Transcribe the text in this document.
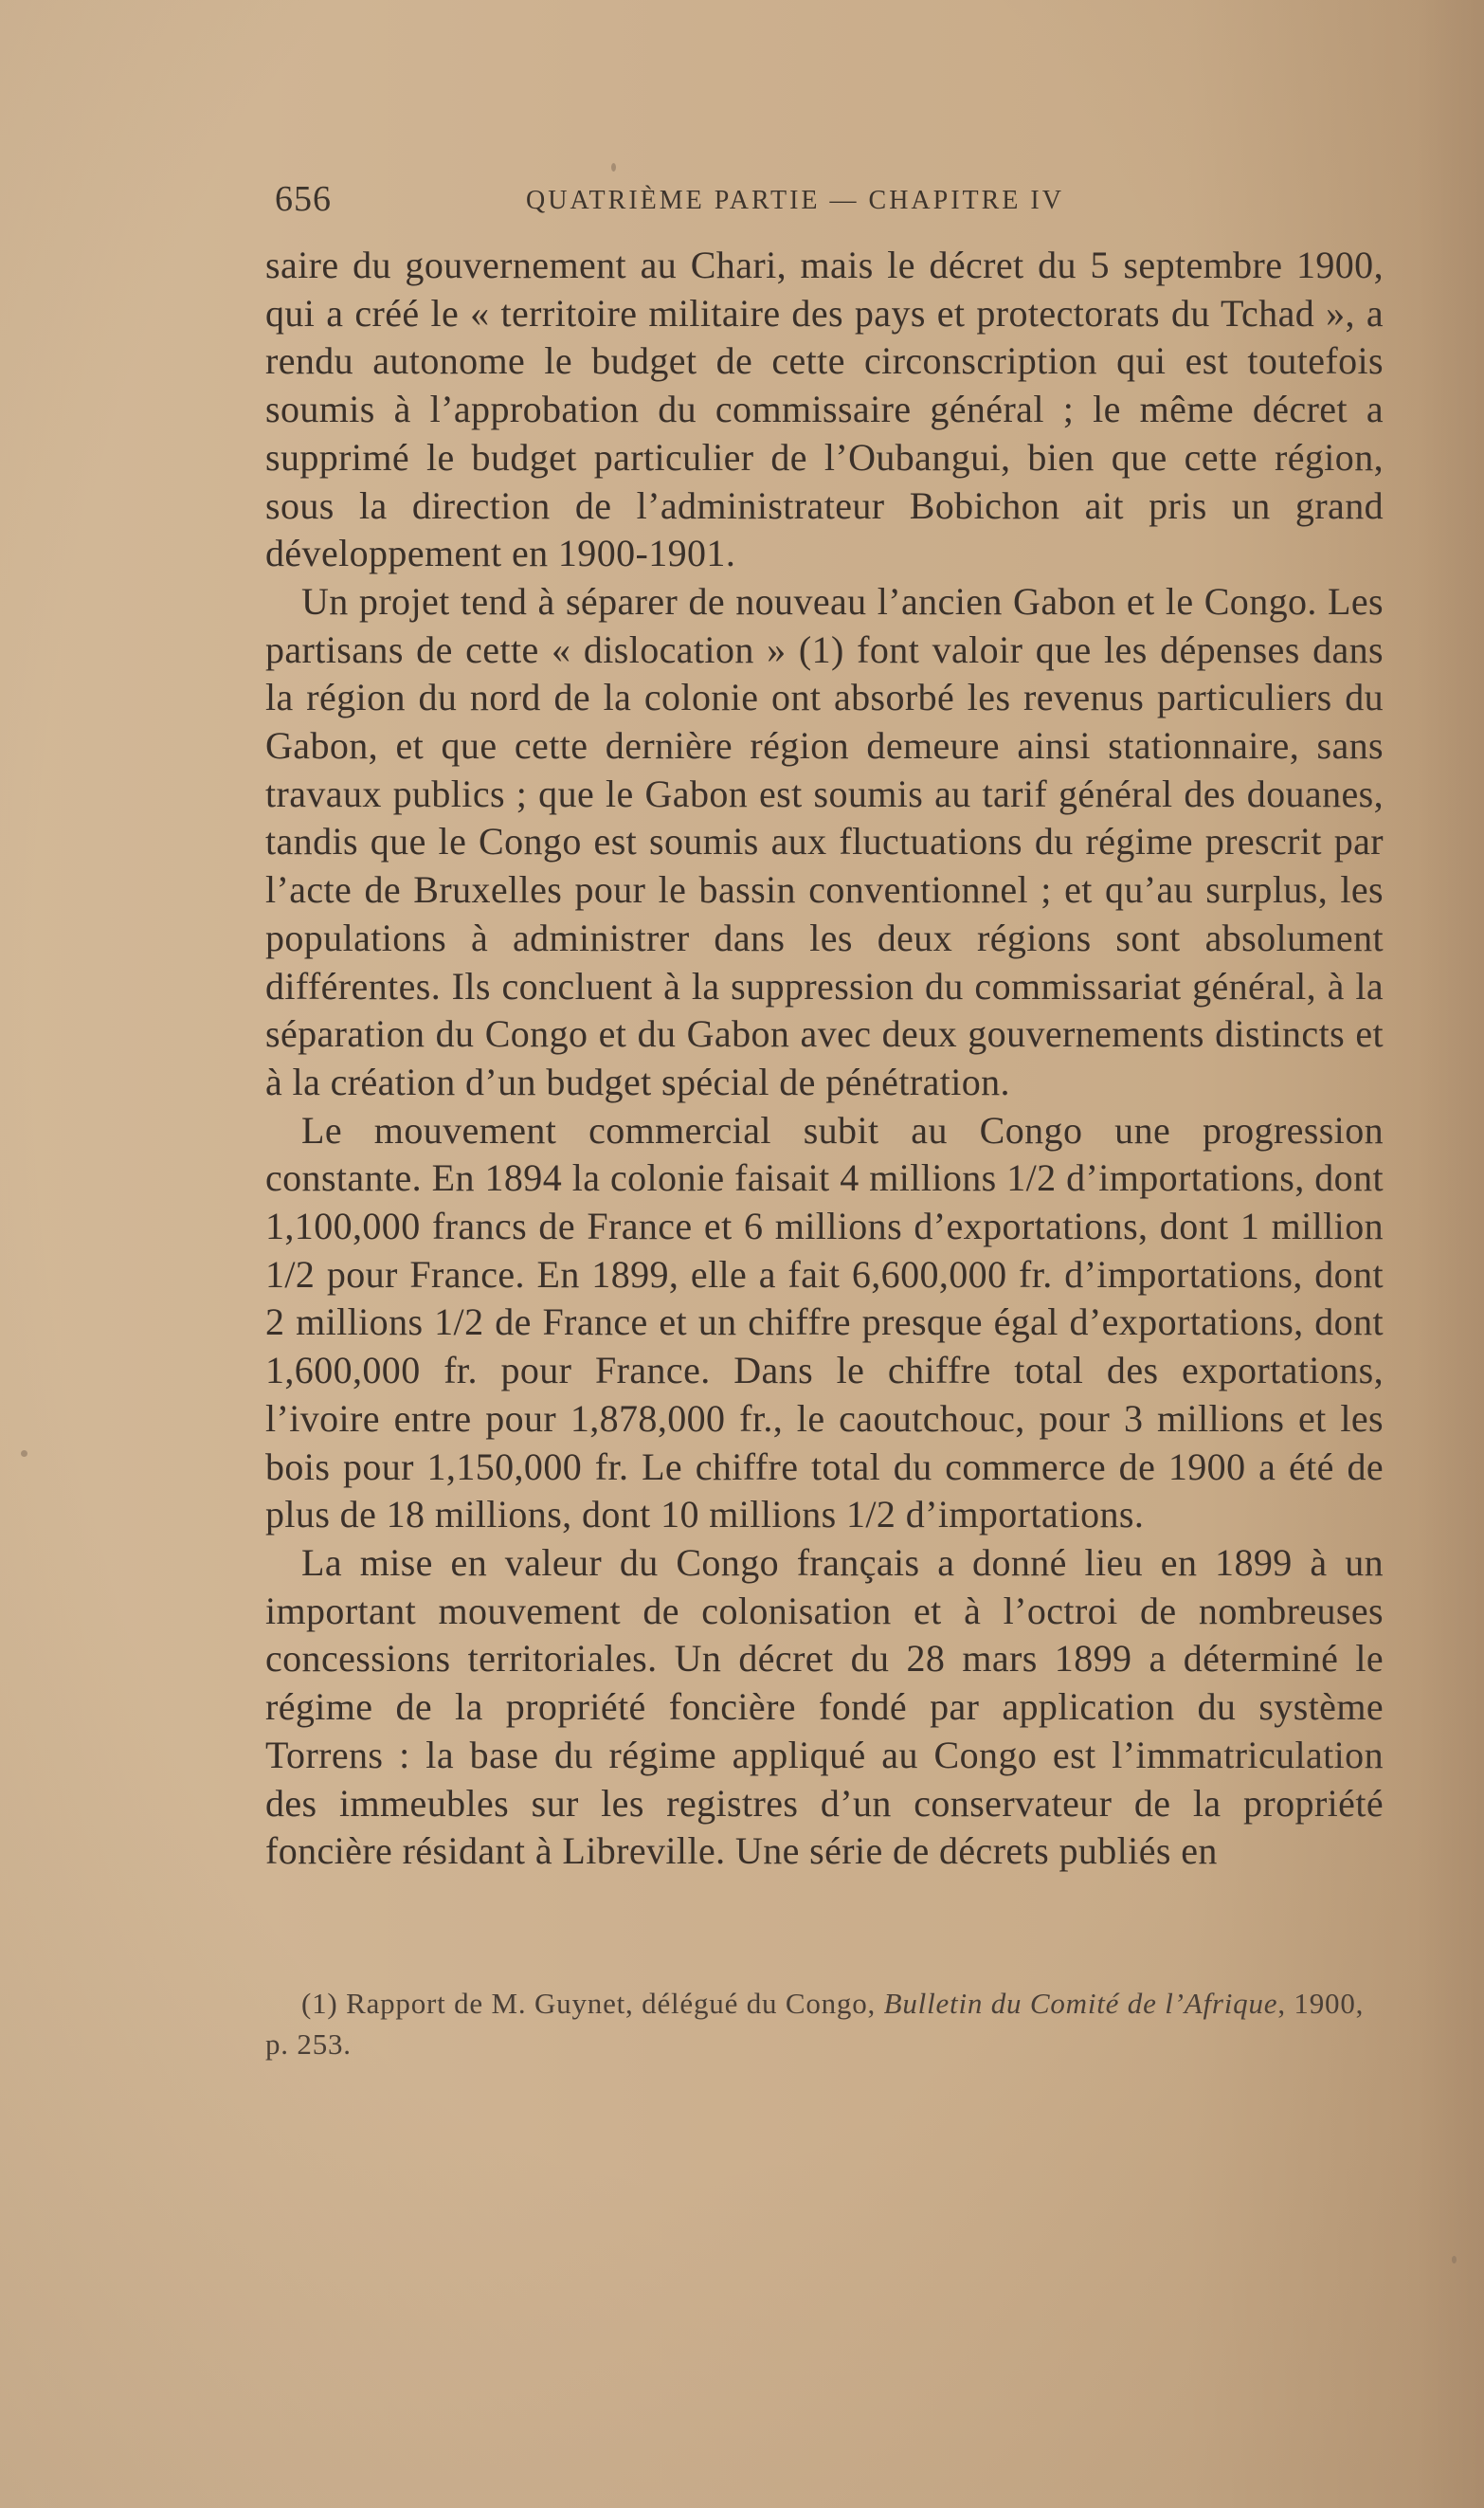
656	QUATRIÈME PARTIE — CHAPITRE IV

saire du gouvernement au Chari, mais le décret du 5 septembre 1900, qui a créé le « territoire militaire des pays et protectorats du Tchad », a rendu autonome le budget de cette circonscription qui est toutefois soumis à l’approbation du commissaire général ; le même décret a supprimé le budget particulier de l’Oubangui, bien que cette région, sous la direction de l’administrateur Bobichon ait pris un grand développement en 1900-1901.

Un projet tend à séparer de nouveau l’ancien Gabon et le Congo. Les partisans de cette « dislocation » (1) font valoir que les dépenses dans la région du nord de la colonie ont absorbé les revenus particuliers du Gabon, et que cette dernière région demeure ainsi stationnaire, sans travaux publics ; que le Gabon est soumis au tarif général des douanes, tandis que le Congo est soumis aux fluctuations du régime prescrit par l’acte de Bruxelles pour le bassin conventionnel ; et qu’au surplus, les populations à administrer dans les deux régions sont absolument différentes. Ils concluent à la suppression du commissariat général, à la séparation du Congo et du Gabon avec deux gouvernements distincts et à la création d’un budget spécial de pénétration.

Le mouvement commercial subit au Congo une progression constante. En 1894 la colonie faisait 4 millions 1/2 d’importations, dont 1,100,000 francs de France et 6 millions d’exportations, dont 1 million 1/2 pour France. En 1899, elle a fait 6,600,000 fr. d’importations, dont 2 millions 1/2 de France et un chiffre presque égal d’exportations, dont 1,600,000 fr. pour France. Dans le chiffre total des exportations, l’ivoire entre pour 1,878,000 fr., le caoutchouc, pour 3 millions et les bois pour 1,150,000 fr. Le chiffre total du commerce de 1900 a été de plus de 18 millions, dont 10 millions 1/2 d’importations.

La mise en valeur du Congo français a donné lieu en 1899 à un important mouvement de colonisation et à l’octroi de nombreuses concessions territoriales. Un décret du 28 mars 1899 a déterminé le régime de la propriété foncière fondé par application du système Torrens : la base du régime appliqué au Congo est l’immatriculation des immeubles sur les registres d’un conservateur de la propriété foncière résidant à Libreville. Une série de décrets publiés en

(1) Rapport de M. Guynet, délégué du Congo, Bulletin du Comité de l’Afrique, 1900, p. 253.
